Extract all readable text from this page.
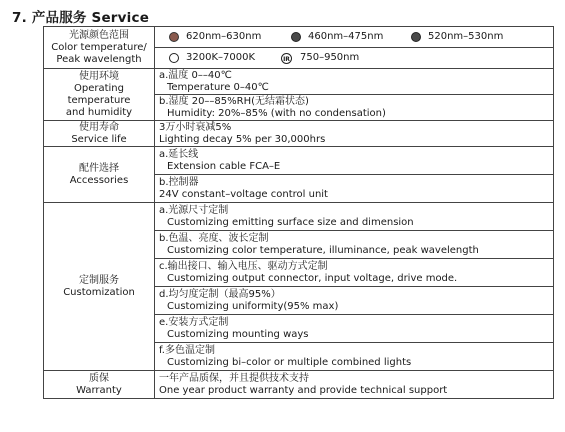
7. 产品服务 Service
光源颜色范围
Color temperature/
Peak wavelength	620nm–630nm 460nm–475nm 520nm–530nm

	3200K–7000K IR 750–950nm

使用环境
Operating
temperature
and humidity	a.温度 0––40℃
Temperature 0–40℃

	b.湿度 20––85%RH(无结霜状态)
Humidity: 20%–85% (with no condensation)

使用寿命
Service life	3万小时衰减5%
Lighting decay 5% per 30,000hrs

配件选择
Accessories	a.延长线
Extension cable FCA–E

	b.控制器
24V constant–voltage control unit

定制服务
Customization	a.光源尺寸定制
Customizing emitting surface size and dimension

	b.色温、亮度、波长定制
Customizing color temperature, illuminance, peak wavelength

	c.输出接口、输入电压、驱动方式定制
Customizing output connector, input voltage, drive mode.

	d.均匀度定制（最高95%）
Customizing uniformity(95% max)

	e.安装方式定制
Customizing mounting ways

	f.多色温定制
Customizing bi–color or multiple combined lights

质保
Warranty	一年产品质保，并且提供技术支持
One year product warranty and provide technical support
